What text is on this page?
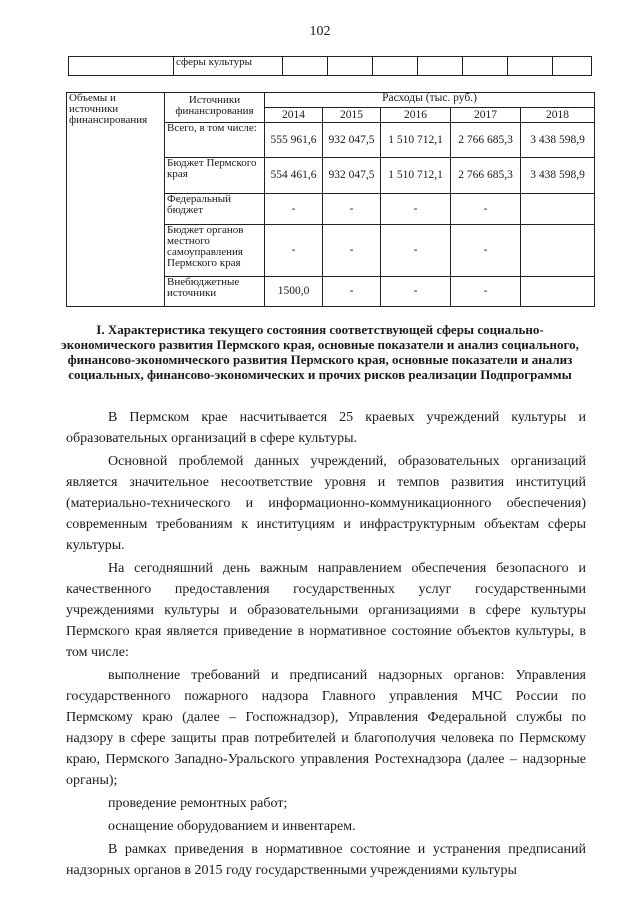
102
	сферы культуры							
Объемы и источники финансирования	Источники финансирования	Расходы (тыс. руб.)				
		2014	2015	2016	2017	2018
	Всего, в том числе:	555 961,6	932 047,5	1 510 712,1	2 766 685,3	3 438 598,9
	Бюджет Пермского края	554 461,6	932 047,5	1 510 712,1	2 766 685,3	3 438 598,9
	Федеральный бюджет	-	-	-	-	
	Бюджет органов местного самоуправления Пермского края	-	-	-	-	
	Внебюджетные источники	1500,0	-	-	-	
I. Характеристика текущего состояния соответствующей сферы социально-экономического развития Пермского края, основные показатели и анализ социального, финансово-экономического развития Пермского края, основные показатели и анализ социальных, финансово-экономических и прочих рисков реализации Подпрограммы

В Пермском крае насчитывается 25 краевых учреждений культуры и образовательных организаций в сфере культуры.

Основной проблемой данных учреждений, образовательных организаций является значительное несоответствие уровня и темпов развития институций (материально-технического и информационно-коммуникационного обеспечения) современным требованиям к институциям и инфраструктурным объектам сферы культуры.

На сегодняшний день важным направлением обеспечения безопасного и качественного предоставления государственных услуг государственными учреждениями культуры и образовательными организациями в сфере культуры Пермского края является приведение в нормативное состояние объектов культуры, в том числе:

выполнение требований и предписаний надзорных органов: Управления государственного пожарного надзора Главного управления МЧС России по Пермскому краю (далее – Госпожнадзор), Управления Федеральной службы по надзору в сфере защиты прав потребителей и благополучия человека по Пермскому краю, Пермского Западно-Уральского управления Ростехнадзора (далее – надзорные органы);

проведение ремонтных работ;

оснащение оборудованием и инвентарем.

В рамках приведения в нормативное состояние и устранения предписаний надзорных органов в 2015 году государственными учреждениями культуры
